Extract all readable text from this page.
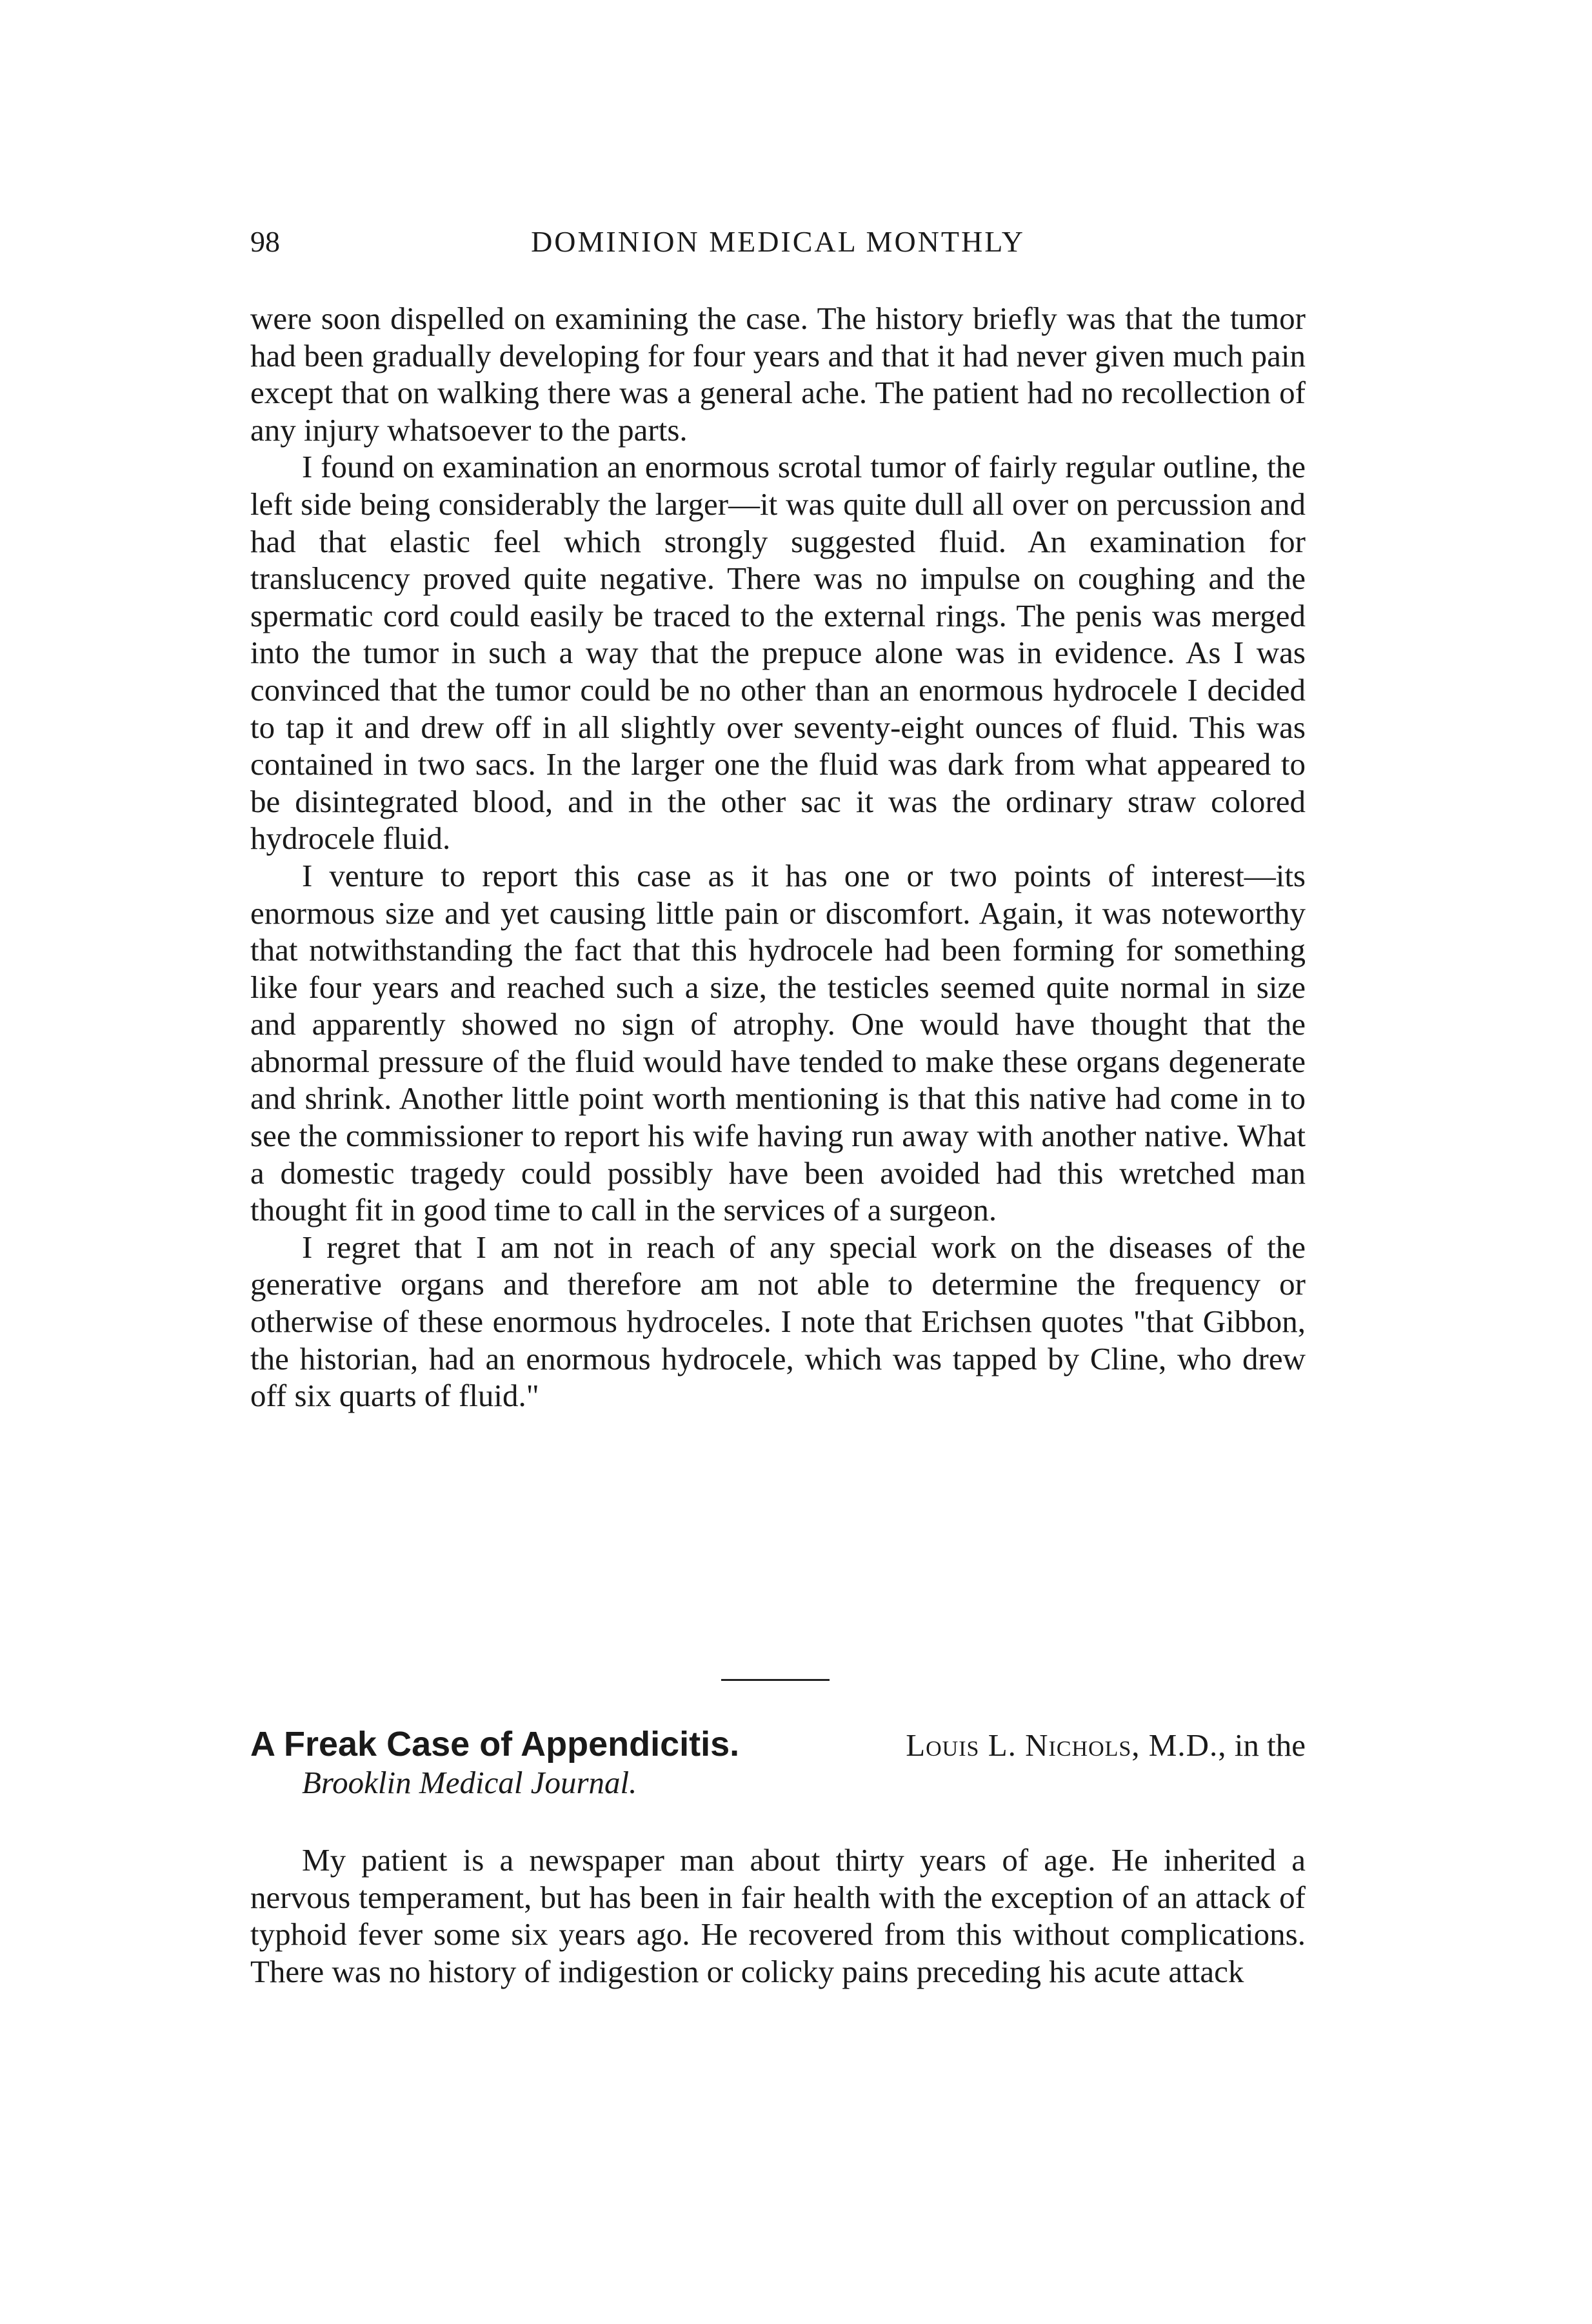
98	DOMINION MEDICAL MONTHLY

were soon dispelled on examining the case. The history briefly was that the tumor had been gradually developing for four years and that it had never given much pain except that on walking there was a general ache. The patient had no recollection of any injury whatsoever to the parts.

I found on examination an enormous scrotal tumor of fairly regular outline, the left side being considerably the larger—it was quite dull all over on percussion and had that elastic feel which strongly suggested fluid. An examination for translucency proved quite negative. There was no impulse on coughing and the spermatic cord could easily be traced to the external rings. The penis was merged into the tumor in such a way that the prepuce alone was in evidence. As I was convinced that the tumor could be no other than an enormous hydrocele I decided to tap it and drew off in all slightly over seventy-eight ounces of fluid. This was contained in two sacs. In the larger one the fluid was dark from what appeared to be disintegrated blood, and in the other sac it was the ordinary straw colored hydrocele fluid.

I venture to report this case as it has one or two points of interest—its enormous size and yet causing little pain or discomfort. Again, it was noteworthy that notwithstanding the fact that this hydrocele had been forming for something like four years and reached such a size, the testicles seemed quite normal in size and apparently showed no sign of atrophy. One would have thought that the abnormal pressure of the fluid would have tended to make these organs degenerate and shrink. Another little point worth mentioning is that this native had come in to see the commissioner to report his wife having run away with another native. What a domestic tragedy could possibly have been avoided had this wretched man thought fit in good time to call in the services of a surgeon.

I regret that I am not in reach of any special work on the diseases of the generative organs and therefore am not able to determine the frequency or otherwise of these enormous hydroceles. I note that Erichsen quotes "that Gibbon, the historian, had an enormous hydrocele, which was tapped by Cline, who drew off six quarts of fluid."

A Freak Case of Appendicitis.	Louis L. Nichols, M.D., in the
Brooklin Medical Journal.

My patient is a newspaper man about thirty years of age. He inherited a nervous temperament, but has been in fair health with the exception of an attack of typhoid fever some six years ago. He recovered from this without complications. There was no history of indigestion or colicky pains preceding his acute attack
